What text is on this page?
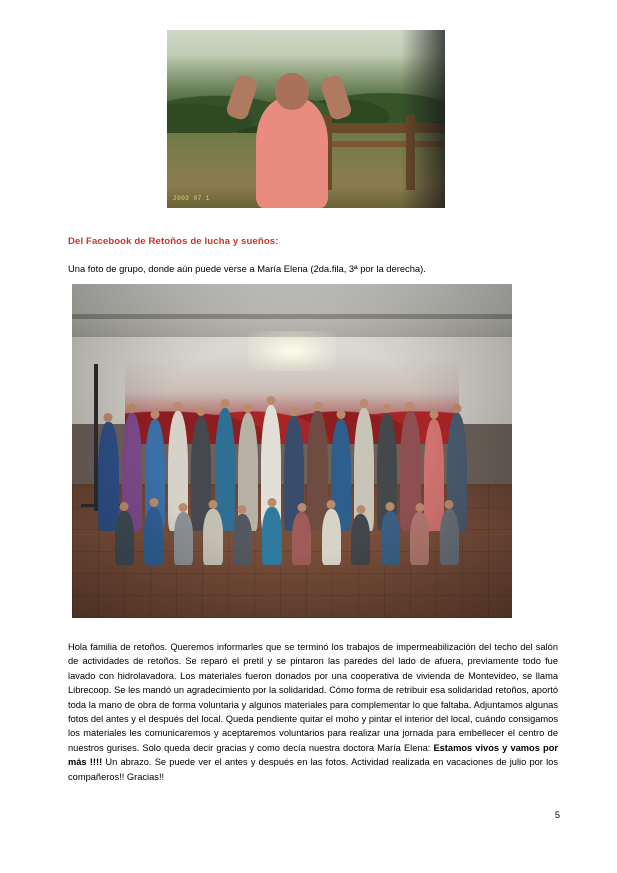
2003 07 1
Del Facebook de Retoños de lucha y sueños:
Una foto de grupo, donde aún puede verse a María Elena (2da.fila, 3ª por la derecha).
Hola familia de retoños. Queremos informarles que se terminó los trabajos de impermeabilización del techo del salón de actividades de retoños. Se reparó el pretil y se pintaron las paredes del lado de afuera, previamente todo fue lavado con hidrolavadora. Los materiales fueron donados por una cooperativa de vivienda de Montevideo, se llama Librecoop. Se les mandó un agradecimiento por la solidaridad. Cómo forma de retribuir esa solidaridad retoños, aportó toda la mano de obra de forma voluntaria y algunos materiales para complementar lo que faltaba. Adjuntamos algunas fotos del antes y el después del local. Queda pendiente quitar el moho y pintar el interior del local, cuándo consigamos los materiales les comunicaremos y aceptaremos voluntarios para realizar una jornada para embellecer el centro de nuestros gurises. Solo queda decir gracias y como decía nuestra doctora María Elena: Estamos vivos y vamos por más !!!! Un abrazo. Se puede ver el antes y después en las fotos. Actividad realizada en vacaciones de julio por los compañeros!! Gracias!!
5
